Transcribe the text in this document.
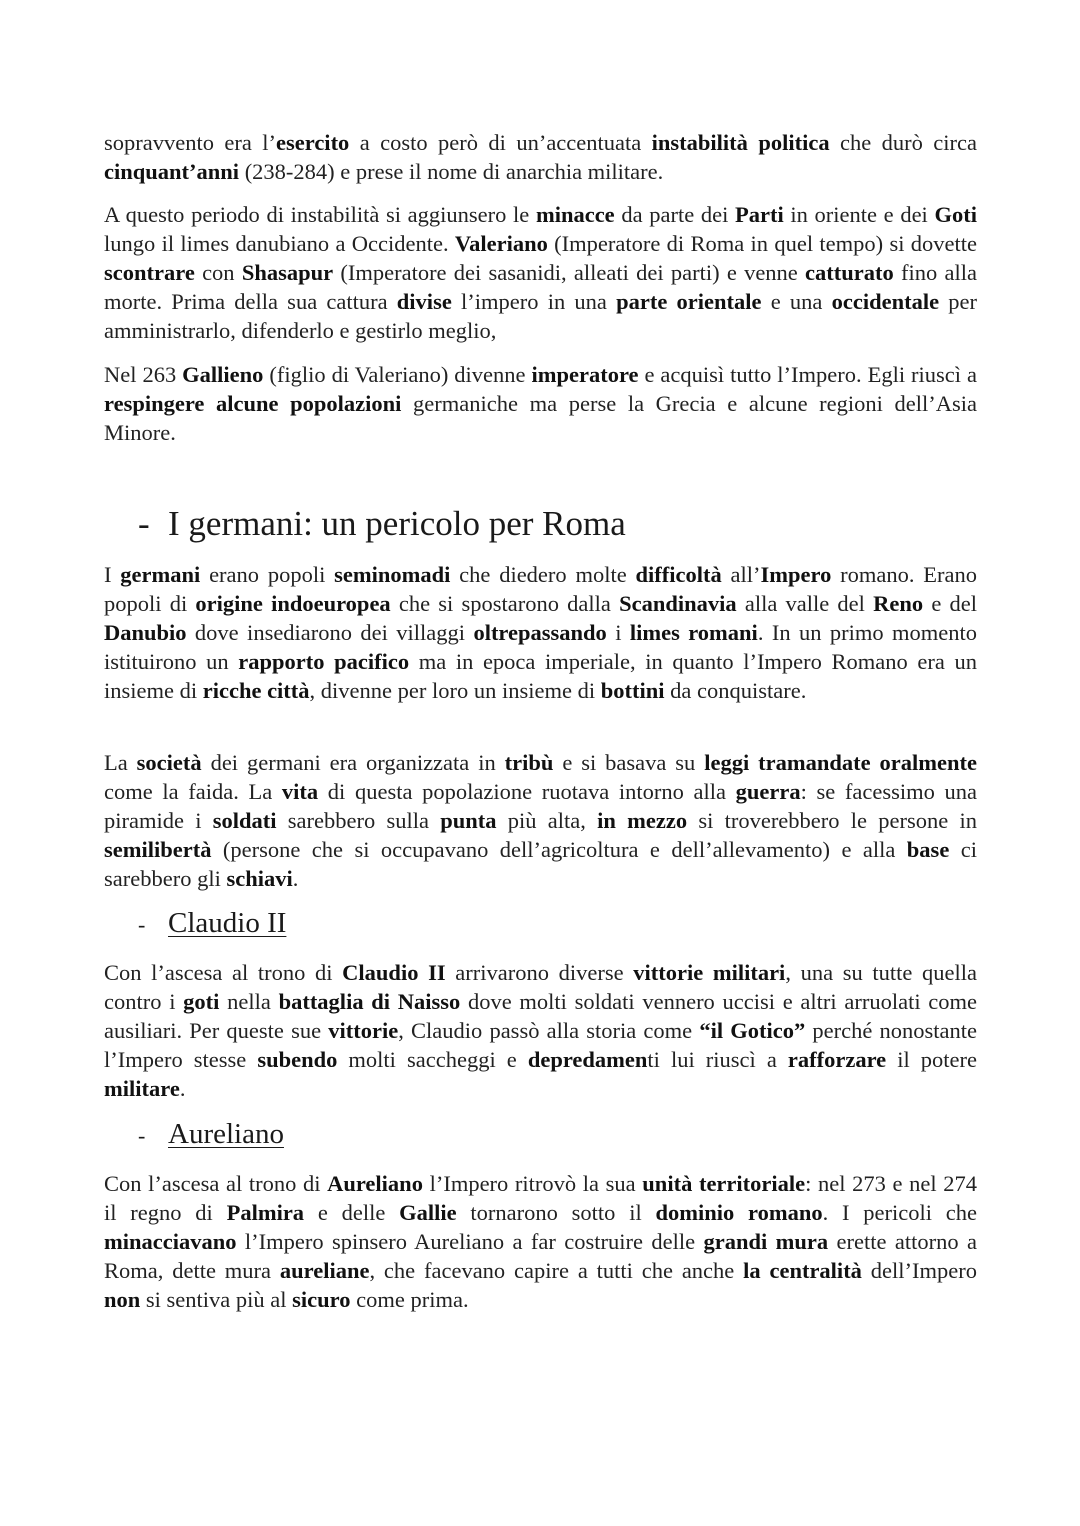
sopravvento era l’esercito a costo però di un’accentuata instabilità politica che durò circa cinquant’anni (238-284) e prese il nome di anarchia militare.

A questo periodo di instabilità si aggiunsero le minacce da parte dei Parti in oriente e dei Goti lungo il limes danubiano a Occidente. Valeriano (Imperatore di Roma in quel tempo) si dovette scontrare con Shasapur (Imperatore dei sasanidi, alleati dei parti) e venne catturato fino alla morte. Prima della sua cattura divise l’impero in una parte orientale e una occidentale per amministrarlo, difenderlo e gestirlo meglio,

Nel 263 Gallieno (figlio di Valeriano) divenne imperatore e acquisì tutto l’Impero. Egli riuscì a respingere alcune popolazioni germaniche ma perse la Grecia e alcune regioni dell’Asia Minore.

- I germani: un pericolo per Roma

I germani erano popoli seminomadi che diedero molte difficoltà all’Impero romano. Erano popoli di origine indoeuropea che si spostarono dalla Scandinavia alla valle del Reno e del Danubio dove insediarono dei villaggi oltrepassando i limes romani. In un primo momento istituirono un rapporto pacifico ma in epoca imperiale, in quanto l’Impero Romano era un insieme di ricche città, divenne per loro un insieme di bottini da conquistare.

La società dei germani era organizzata in tribù e si basava su leggi tramandate oralmente come la faida. La vita di questa popolazione ruotava intorno alla guerra: se facessimo una piramide i soldati sarebbero sulla punta più alta, in mezzo si troverebbero le persone in semilibertà (persone che si occupavano dell’agricoltura e dell’allevamento) e alla base ci sarebbero gli schiavi.

- Claudio II

Con l’ascesa al trono di Claudio II arrivarono diverse vittorie militari, una su tutte quella contro i goti nella battaglia di Naisso dove molti soldati vennero uccisi e altri arruolati come ausiliari. Per queste sue vittorie, Claudio passò alla storia come “il Gotico” perché nonostante l’Impero stesse subendo molti saccheggi e depredamenti lui riuscì a rafforzare il potere militare.

- Aureliano

Con l’ascesa al trono di Aureliano l’Impero ritrovò la sua unità territoriale: nel 273 e nel 274 il regno di Palmira e delle Gallie tornarono sotto il dominio romano. I pericoli che minacciavano l’Impero spinsero Aureliano a far costruire delle grandi mura erette attorno a Roma, dette mura aureliane, che facevano capire a tutti che anche la centralità dell’Impero non si sentiva più al sicuro come prima.
